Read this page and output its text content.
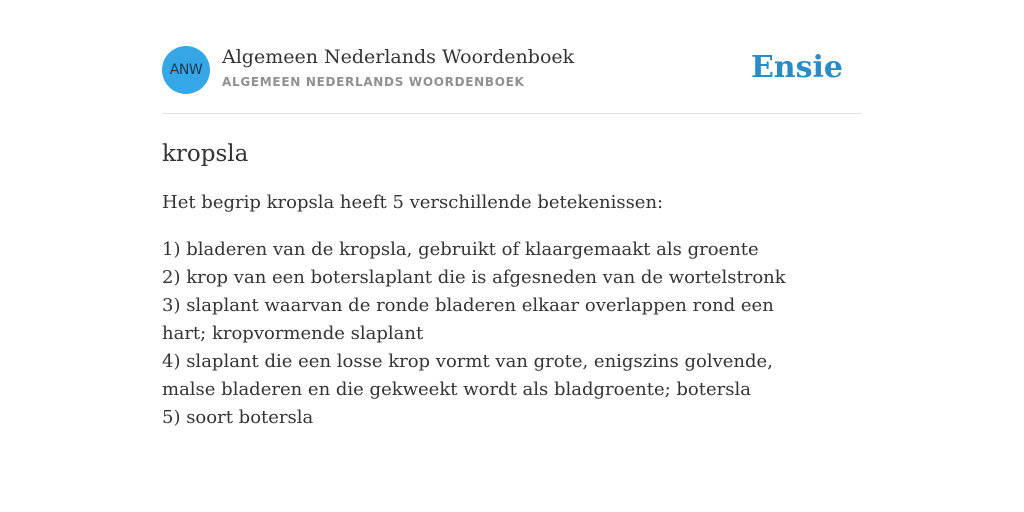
ANW
Algemeen Nederlands Woordenboek
ALGEMEEN NEDERLANDS WOORDENBOEK	Ensie
kropsla
Het begrip kropsla heeft 5 verschillende betekenissen:
1) bladeren van de kropsla, gebruikt of klaargemaakt als groente
2) krop van een boterslaplant die is afgesneden van de wortelstronk
3) slaplant waarvan de ronde bladeren elkaar overlappen rond een hart; kropvormende slaplant
4) slaplant die een losse krop vormt van grote, enigszins golvende, malse bladeren en die gekweekt wordt als bladgroente; botersla
5) soort botersla
